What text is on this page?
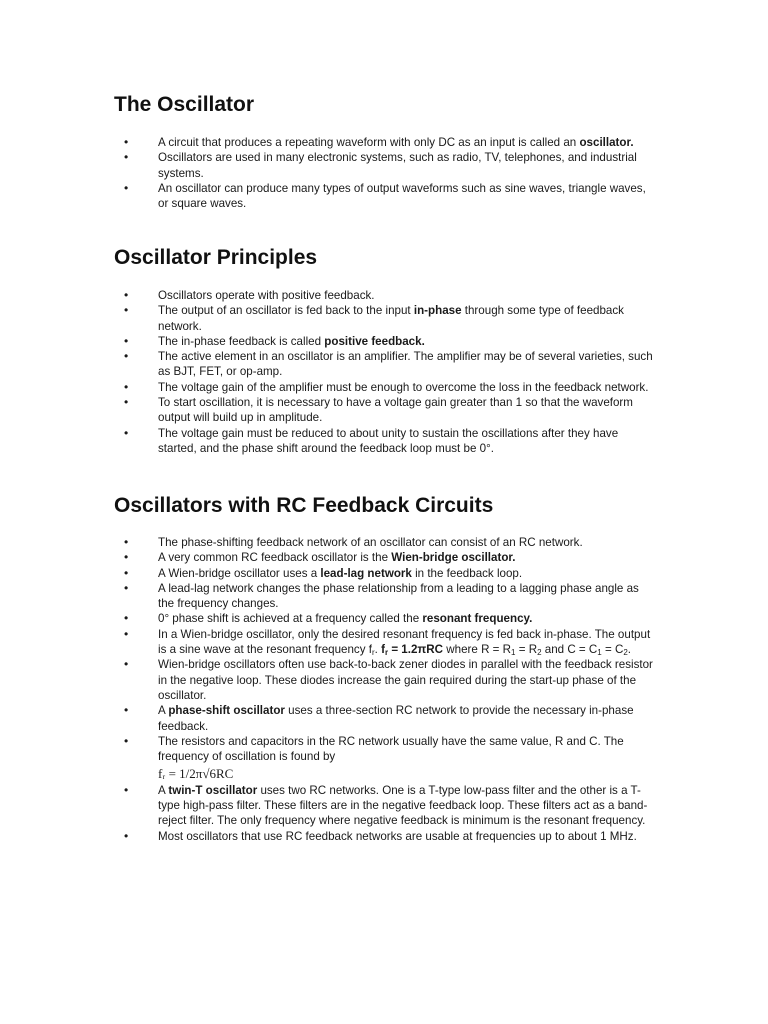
The Oscillator
• A circuit that produces a repeating waveform with only DC as an input is called an oscillator.
• Oscillators are used in many electronic systems, such as radio, TV, telephones, and industrial systems.
• An oscillator can produce many types of output waveforms such as sine waves, triangle waves, or square waves.
Oscillator Principles
• Oscillators operate with positive feedback.
• The output of an oscillator is fed back to the input in-phase through some type of feedback network.
• The in-phase feedback is called positive feedback.
• The active element in an oscillator is an amplifier. The amplifier may be of several varieties, such as BJT, FET, or op-amp.
• The voltage gain of the amplifier must be enough to overcome the loss in the feedback network.
• To start oscillation, it is necessary to have a voltage gain greater than 1 so that the waveform output will build up in amplitude.
• The voltage gain must be reduced to about unity to sustain the oscillations after they have started, and the phase shift around the feedback loop must be 0°.
Oscillators with RC Feedback Circuits
• The phase-shifting feedback network of an oscillator can consist of an RC network.
• A very common RC feedback oscillator is the Wien-bridge oscillator.
• A Wien-bridge oscillator uses a lead-lag network in the feedback loop.
• A lead-lag network changes the phase relationship from a leading to a lagging phase angle as the frequency changes.
• 0° phase shift is achieved at a frequency called the resonant frequency.
• In a Wien-bridge oscillator, only the desired resonant frequency is fed back in-phase. The output is a sine wave at the resonant frequency $f_r$. $f_r = 1.2\pi RC$ where $R = R_1 = R_2$ and $C = C_1 = C_2$.
• Wien-bridge oscillators often use back-to-back zener diodes in parallel with the feedback resistor in the negative loop. These diodes increase the gain required during the start-up phase of the oscillator.
• A phase-shift oscillator uses a three-section RC network to provide the necessary in-phase feedback.
• The resistors and capacitors in the RC network usually have the same value, R and C. The frequency of oscillation is found by
fᵣ = 1/2π√6RC
• A twin-T oscillator uses two RC networks. One is a T-type low-pass filter and the other is a T-type high-pass filter. These filters are in the negative feedback loop. These filters act as a band-reject filter. The only frequency where negative feedback is minimum is the resonant frequency.
• Most oscillators that use RC feedback networks are usable at frequencies up to about 1 MHz.
